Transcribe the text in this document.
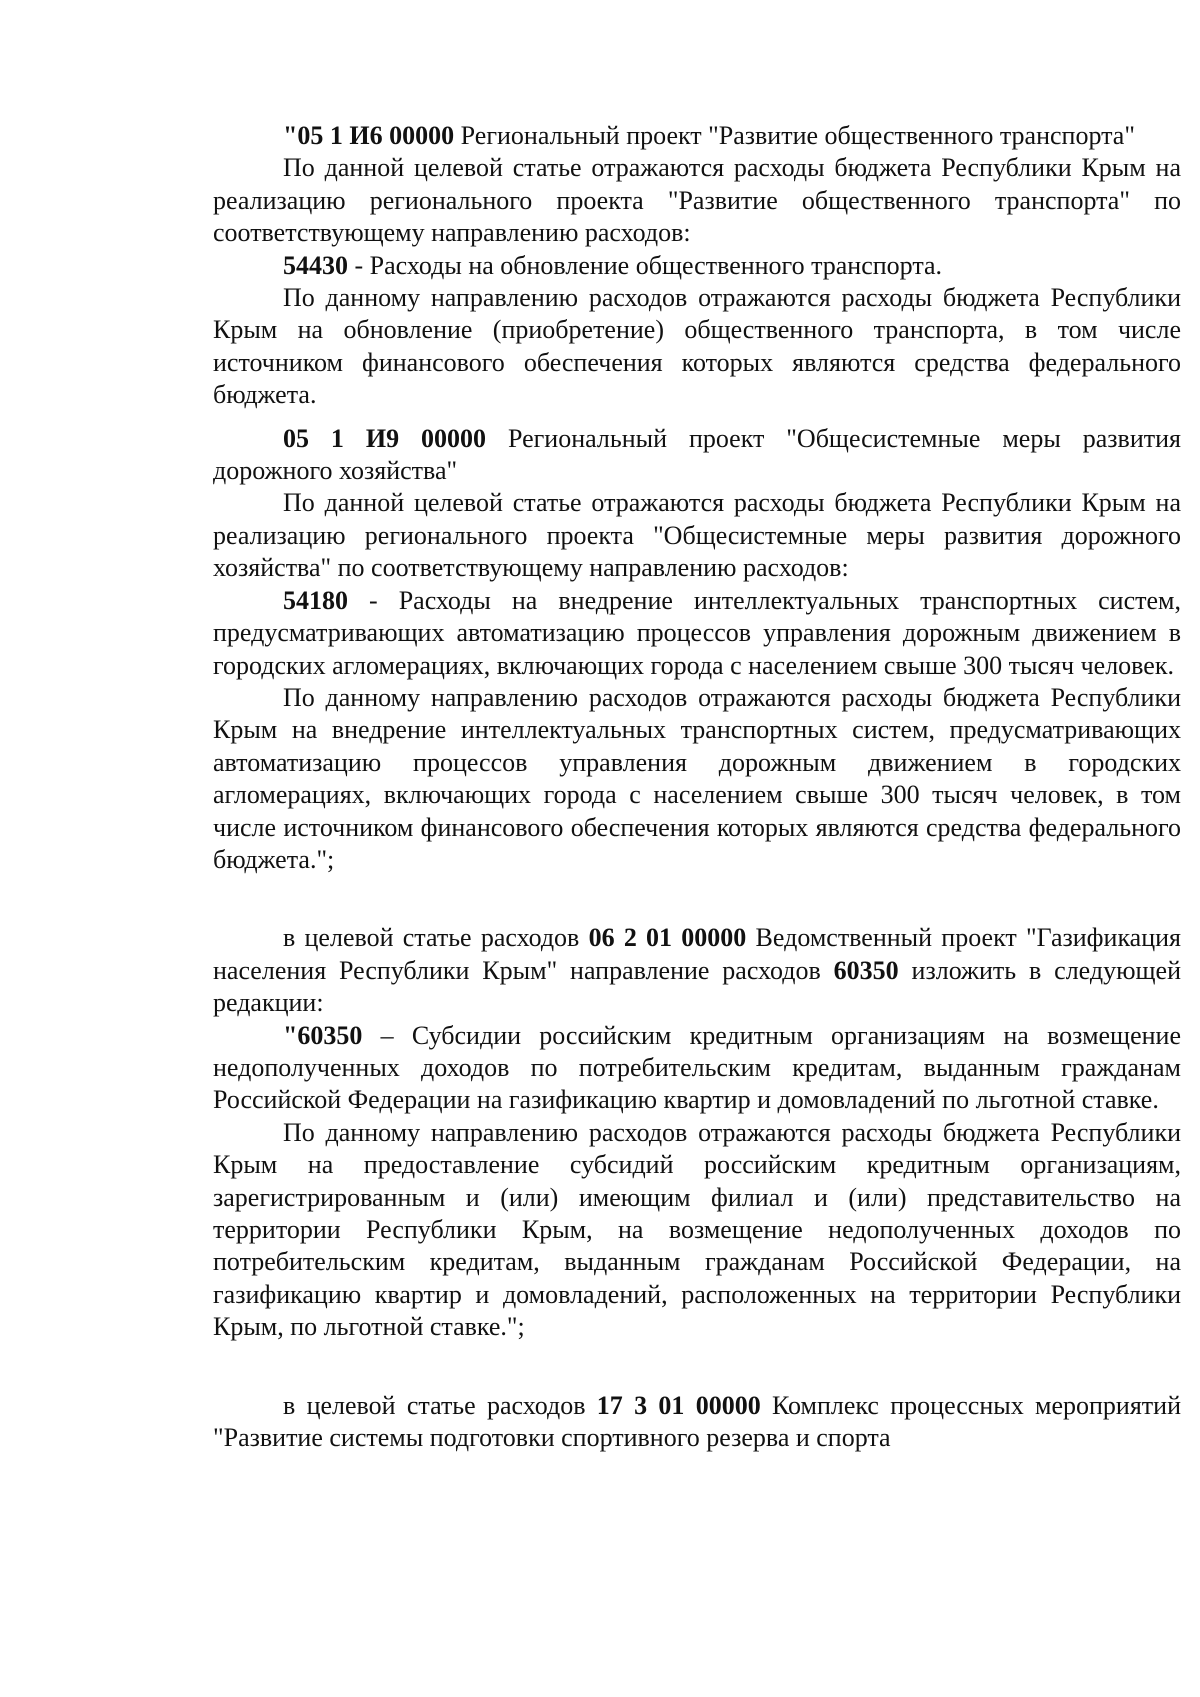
"05 1 И6 00000 Региональный проект "Развитие общественного транспорта"

По данной целевой статье отражаются расходы бюджета Республики Крым на реализацию регионального проекта "Развитие общественного транспорта" по соответствующему направлению расходов:

54430 - Расходы на обновление общественного транспорта.

По данному направлению расходов отражаются расходы бюджета Республики Крым на обновление (приобретение) общественного транспорта, в том числе источником финансового обеспечения которых являются средства федерального бюджета.

05 1 И9 00000 Региональный проект "Общесистемные меры развития дорожного хозяйства"

По данной целевой статье отражаются расходы бюджета Республики Крым на реализацию регионального проекта "Общесистемные меры развития дорожного хозяйства" по соответствующему направлению расходов:

54180 - Расходы на внедрение интеллектуальных транспортных систем, предусматривающих автоматизацию процессов управления дорожным движением в городских агломерациях, включающих города с населением свыше 300 тысяч человек.

По данному направлению расходов отражаются расходы бюджета Республики Крым на внедрение интеллектуальных транспортных систем, предусматривающих автоматизацию процессов управления дорожным движением в городских агломерациях, включающих города с населением свыше 300 тысяч человек, в том числе источником финансового обеспечения которых являются средства федерального бюджета.";

в целевой статье расходов 06 2 01 00000 Ведомственный проект "Газификация населения Республики Крым" направление расходов 60350 изложить в следующей редакции:

"60350 – Субсидии российским кредитным организациям на возмещение недополученных доходов по потребительским кредитам, выданным гражданам Российской Федерации на газификацию квартир и домовладений по льготной ставке.

По данному направлению расходов отражаются расходы бюджета Республики Крым на предоставление субсидий российским кредитным организациям, зарегистрированным и (или) имеющим филиал и (или) представительство на территории Республики Крым, на возмещение недополученных доходов по потребительским кредитам, выданным гражданам Российской Федерации, на газификацию квартир и домовладений, расположенных на территории Республики Крым, по льготной ставке.";

в целевой статье расходов 17 3 01 00000 Комплекс процессных мероприятий "Развитие системы подготовки спортивного резерва и спорта
